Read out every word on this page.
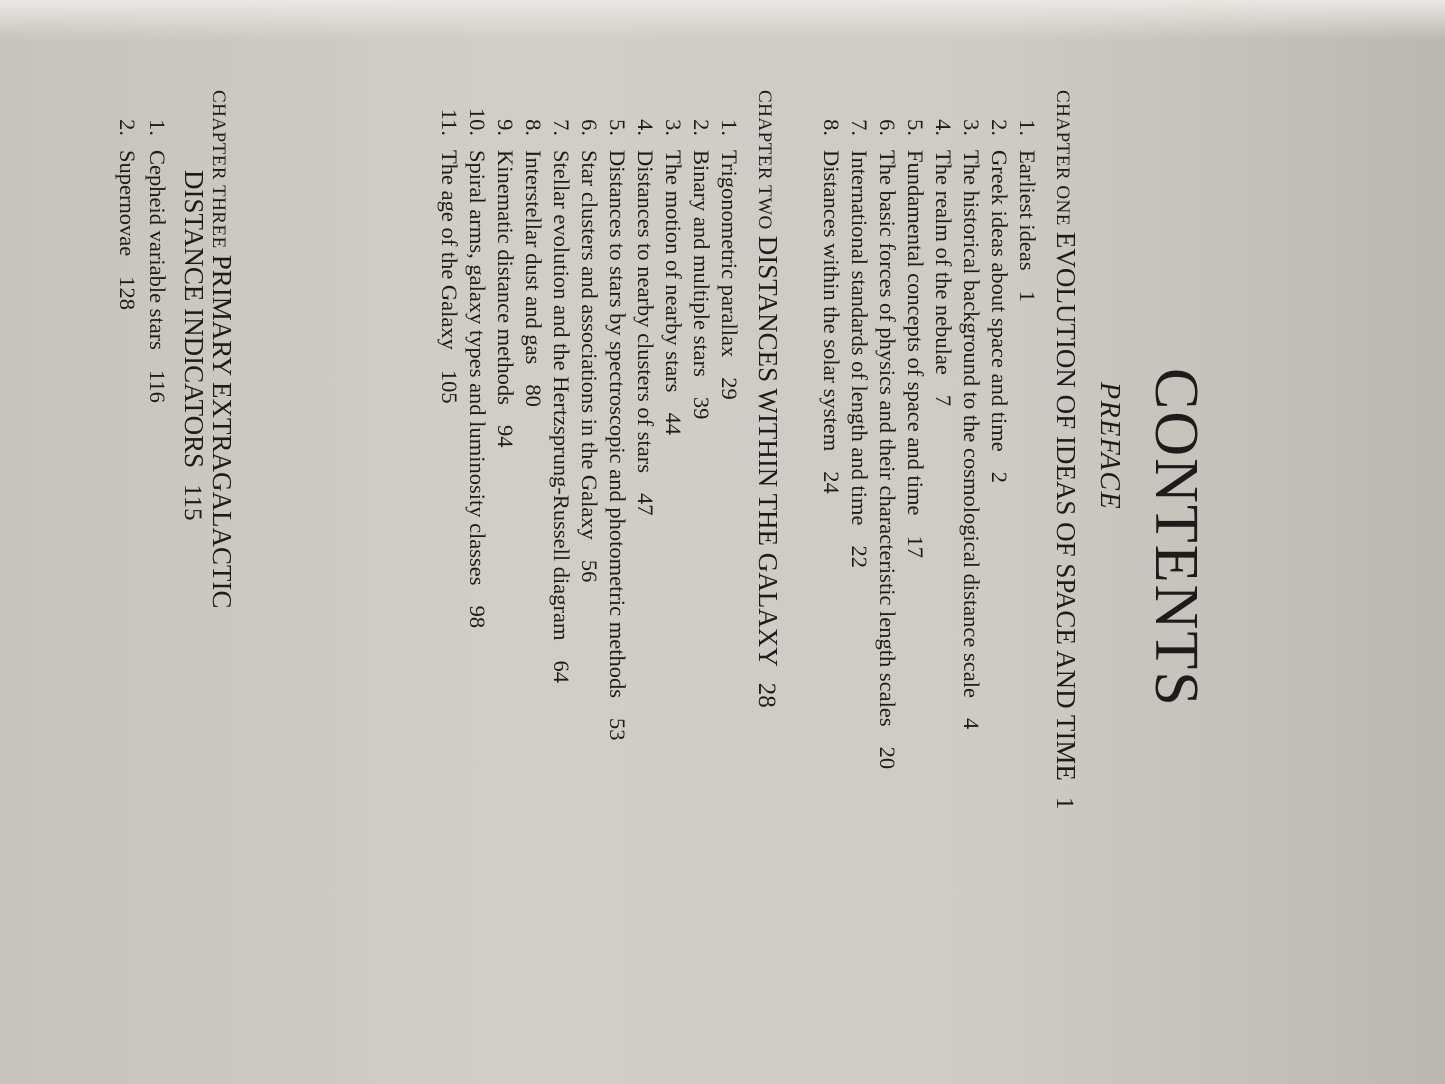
CONTENTS
PREFACE
CHAPTER ONEEVOLUTION OF IDEAS OF SPACE AND TIME1
1.Earliest ideas1
2.Greek ideas about space and time2
3.The historical background to the cosmological distance scale4
4.The realm of the nebulae7
5.Fundamental concepts of space and time17
6.The basic forces of physics and their characteristic length scales20
7.International standards of length and time22
8.Distances within the solar system24
CHAPTER TWODISTANCES WITHIN THE GALAXY28
1.Trigonometric parallax29
2.Binary and multiple stars39
3.The motion of nearby stars44
4.Distances to nearby clusters of stars47
5.Distances to stars by spectroscopic and photometric methods53
6.Star clusters and associations in the Galaxy56
7.Stellar evolution and the Hertzsprung-Russell diagram64
8.Interstellar dust and gas80
9.Kinematic distance methods94
10.Spiral arms, galaxy types and luminosity classes98
11.The age of the Galaxy105
CHAPTER THREEPRIMARY EXTRAGALACTIC
DISTANCE INDICATORS115
1.Cepheid variable stars116
2.Supernovae128
